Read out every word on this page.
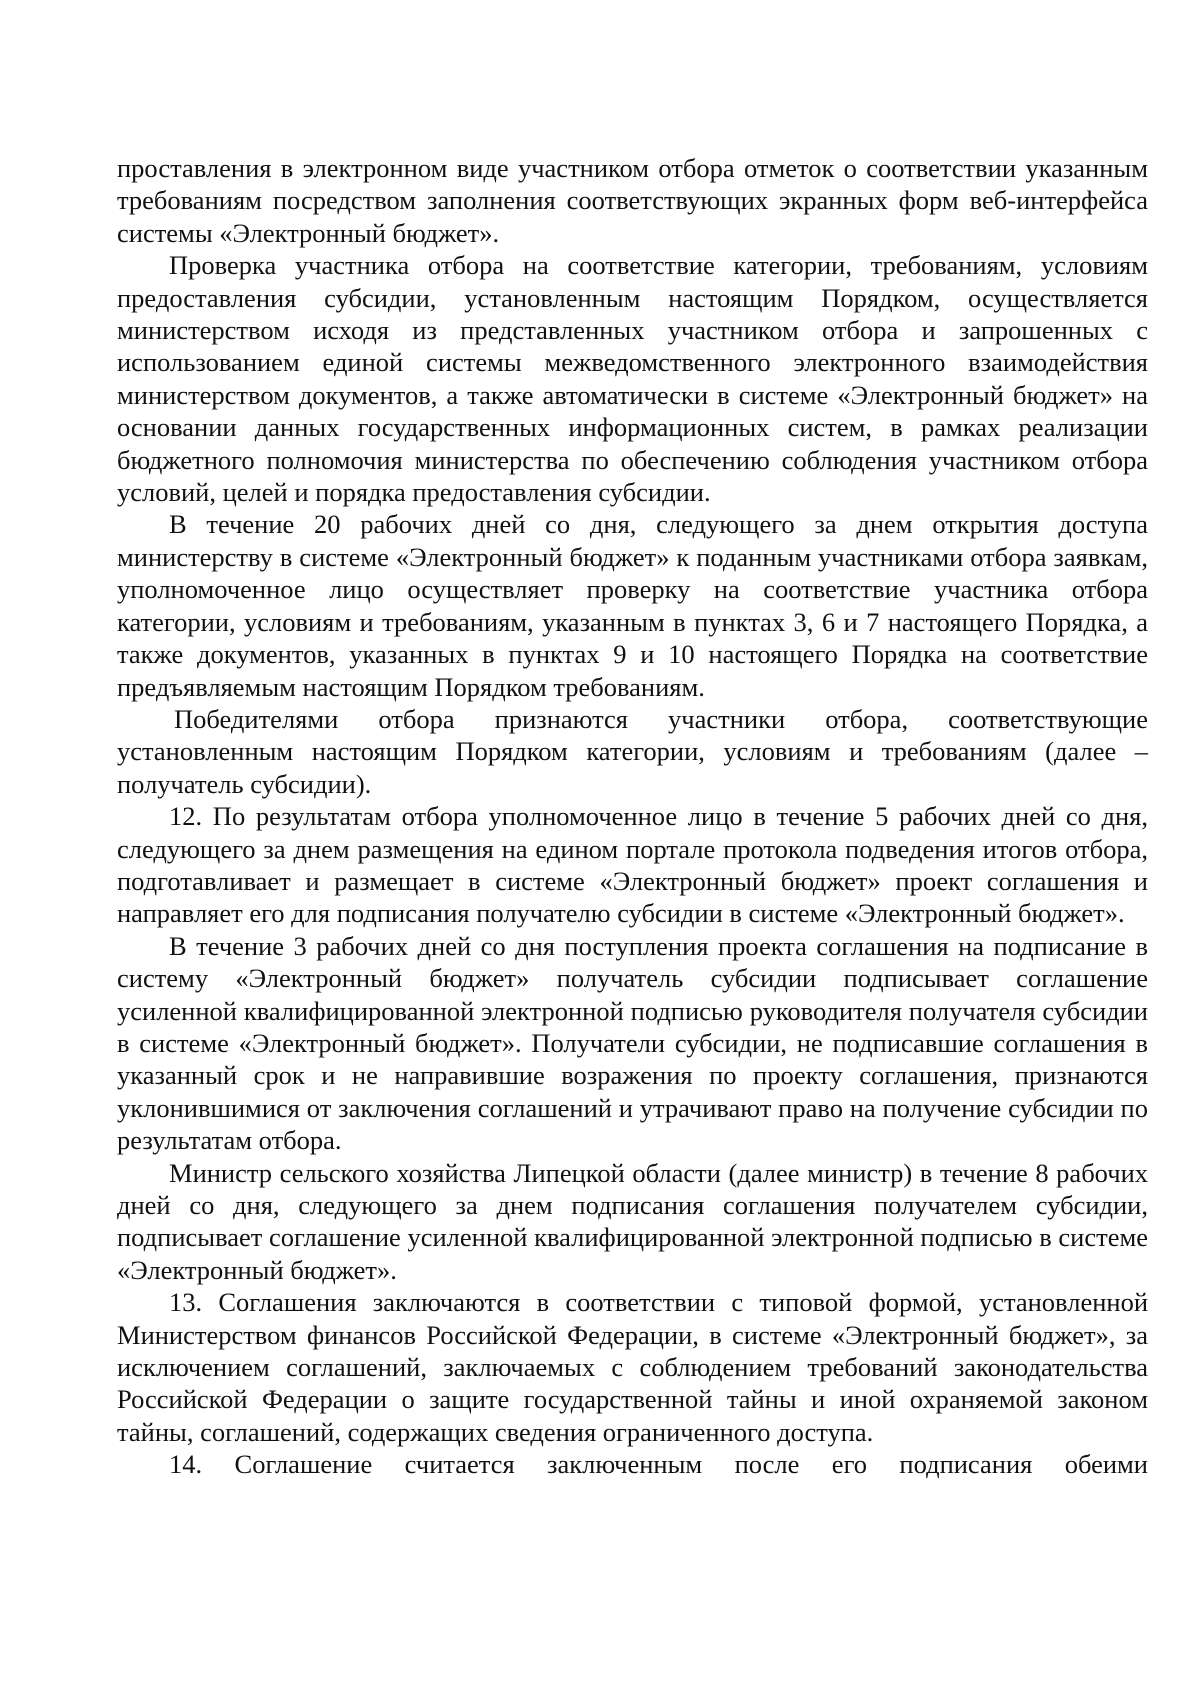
проставления в электронном виде участником отбора отметок о соответствии указанным требованиям посредством заполнения соответствующих экранных форм веб-интерфейса системы «Электронный бюджет».

Проверка участника отбора на соответствие категории, требованиям, условиям предоставления субсидии, установленным настоящим Порядком, осуществляется министерством исходя из представленных участником отбора и запрошенных с использованием единой системы межведомственного электронного взаимодействия министерством документов, а также автоматически в системе «Электронный бюджет» на основании данных государственных информационных систем, в рамках реализации бюджетного полномочия министерства по обеспечению соблюдения участником отбора условий, целей и порядка предоставления субсидии.

В течение 20 рабочих дней со дня, следующего за днем открытия доступа министерству в системе «Электронный бюджет» к поданным участниками отбора заявкам, уполномоченное лицо осуществляет проверку на соответствие участника отбора категории, условиям и требованиям, указанным в пунктах 3, 6 и 7 настоящего Порядка, а также документов, указанных в пунктах 9 и 10 настоящего Порядка на соответствие предъявляемым настоящим Порядком требованиям.

Победителями отбора признаются участники отбора, соответствующие установленным настоящим Порядком категории, условиям и требованиям (далее – получатель субсидии).

12. По результатам отбора уполномоченное лицо в течение 5 рабочих дней со дня, следующего за днем размещения на едином портале протокола подведения итогов отбора, подготавливает и размещает в системе «Электронный бюджет» проект соглашения и направляет его для подписания получателю субсидии в системе «Электронный бюджет».

В течение 3 рабочих дней со дня поступления проекта соглашения на подписание в систему «Электронный бюджет» получатель субсидии подписывает соглашение усиленной квалифицированной электронной подписью руководителя получателя субсидии в системе «Электронный бюджет». Получатели субсидии, не подписавшие соглашения в указанный срок и не направившие возражения по проекту соглашения, признаются уклонившимися от заключения соглашений и утрачивают право на получение субсидии по результатам отбора.

Министр сельского хозяйства Липецкой области (далее министр) в течение 8 рабочих дней со дня, следующего за днем подписания соглашения получателем субсидии, подписывает соглашение усиленной квалифицированной электронной подписью в системе «Электронный бюджет».

13. Соглашения заключаются в соответствии с типовой формой, установленной Министерством финансов Российской Федерации, в системе «Электронный бюджет», за исключением соглашений, заключаемых с соблюдением требований законодательства Российской Федерации о защите государственной тайны и иной охраняемой законом тайны, соглашений, содержащих сведения ограниченного доступа.

14. Соглашение считается заключенным после его подписания обеими
